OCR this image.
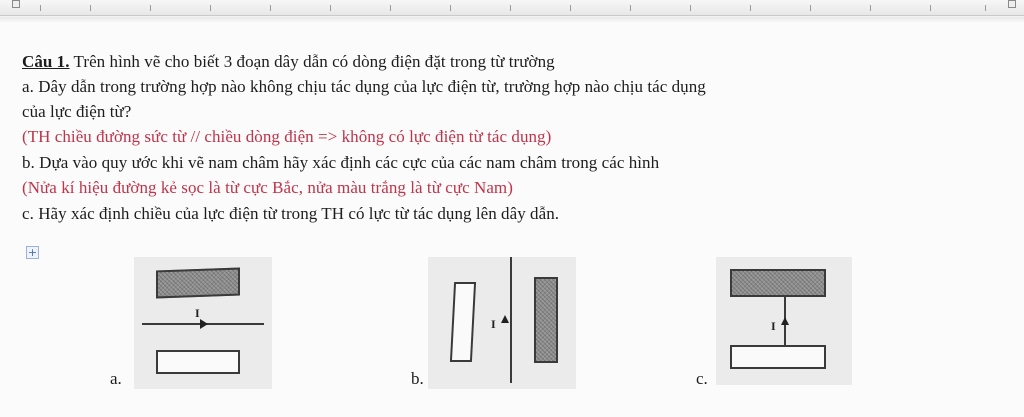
Câu 1. Trên hình vẽ cho biết 3 đoạn dây dẫn có dòng điện đặt trong từ trường
a. Dây dẫn trong trường hợp nào không chịu tác dụng của lực điện từ, trường hợp nào chịu tác dụng
của lực điện từ?
(TH chiều đường sức từ // chiều dòng điện => không có lực điện từ tác dụng)
b. Dựa vào quy ước khi vẽ nam châm hãy xác định các cực của các nam châm trong các hình
(Nửa kí hiệu đường kẻ sọc là từ cực Bắc, nửa màu trắng là từ cực Nam)
c. Hãy xác định chiều của lực điện từ trong TH có lực từ tác dụng lên dây dẫn.
+
a.
I
b.
I
c.
I
